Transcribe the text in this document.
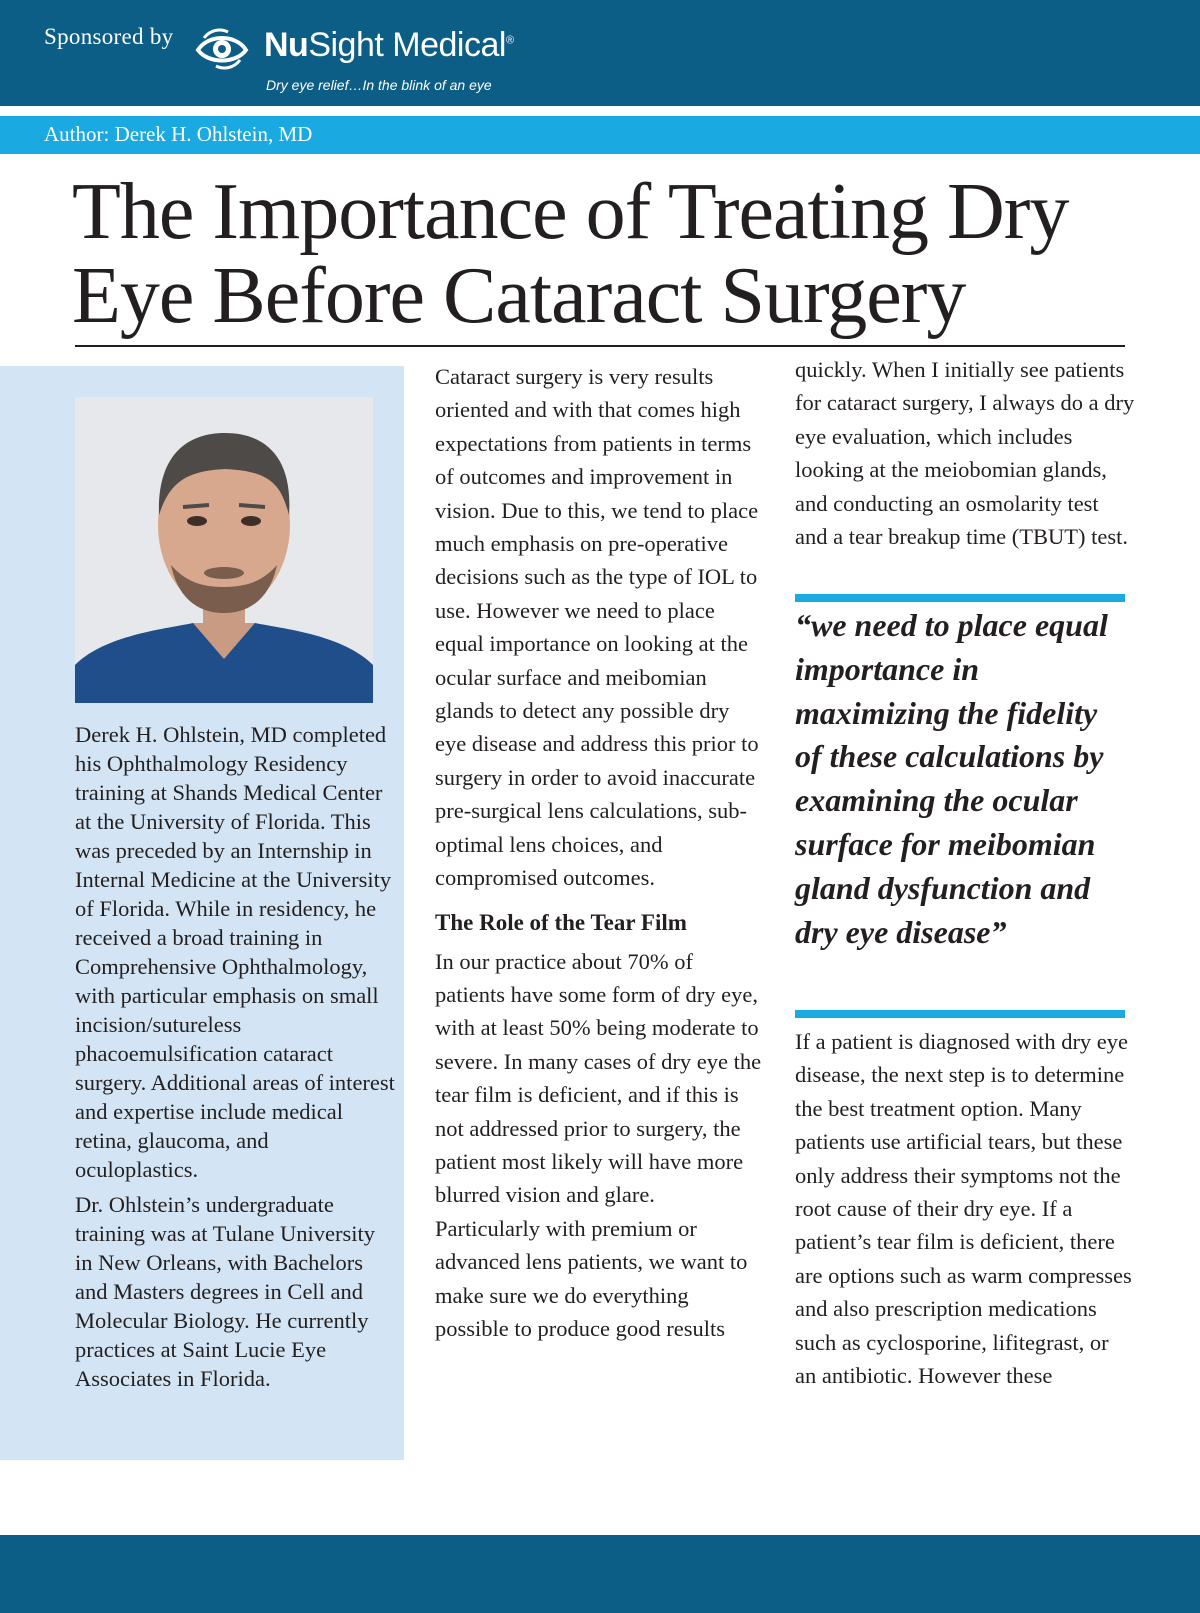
Sponsored by	NuSight Medical®
Dry eye relief…In the blink of an eye
Author: Derek H. Ohlstein, MD
The Importance of Treating Dry Eye Before Cataract Surgery

Derek H. Ohlstein, MD completed his Ophthalmology Residency training at Shands Medical Center at the University of Florida. This was preceded by an Internship in Internal Medicine at the University of Florida. While in residency, he received a broad training in Comprehensive Ophthalmology, with particular emphasis on small incision/sutureless phacoemulsification cataract surgery. Additional areas of interest and expertise include medical retina, glaucoma, and oculoplastics.

Dr. Ohlstein’s undergraduate training was at Tulane University in New Orleans, with Bachelors and Masters degrees in Cell and Molecular Biology. He currently practices at Saint Lucie Eye Associates in Florida.

Cataract surgery is very results oriented and with that comes high expectations from patients in terms of outcomes and improvement in vision. Due to this, we tend to place much emphasis on pre-operative decisions such as the type of IOL to use. However we need to place equal importance on looking at the ocular surface and meibomian glands to detect any possible dry eye disease and address this prior to surgery in order to avoid inaccurate pre-surgical lens calculations, sub-optimal lens choices, and compromised outcomes.

The Role of the Tear Film

In our practice about 70% of patients have some form of dry eye, with at least 50% being moderate to severe. In many cases of dry eye the tear film is deficient, and if this is not addressed prior to surgery, the patient most likely will have more blurred vision and glare. Particularly with premium or advanced lens patients, we want to make sure we do everything possible to produce good results

quickly. When I initially see patients for cataract surgery, I always do a dry eye evaluation, which includes looking at the meiobomian glands, and conducting an osmolarity test and a tear breakup time (TBUT) test.

“we need to place equal importance in maximizing the fidelity of these calculations by examining the ocular surface for meibomian gland dysfunction and dry eye disease”

If a patient is diagnosed with dry eye disease, the next step is to determine the best treatment option. Many patients use artificial tears, but these only address their symptoms not the root cause of their dry eye. If a patient’s tear film is deficient, there are options such as warm compresses and also prescription medications such as cyclosporine, lifitegrast, or an antibiotic. However these
